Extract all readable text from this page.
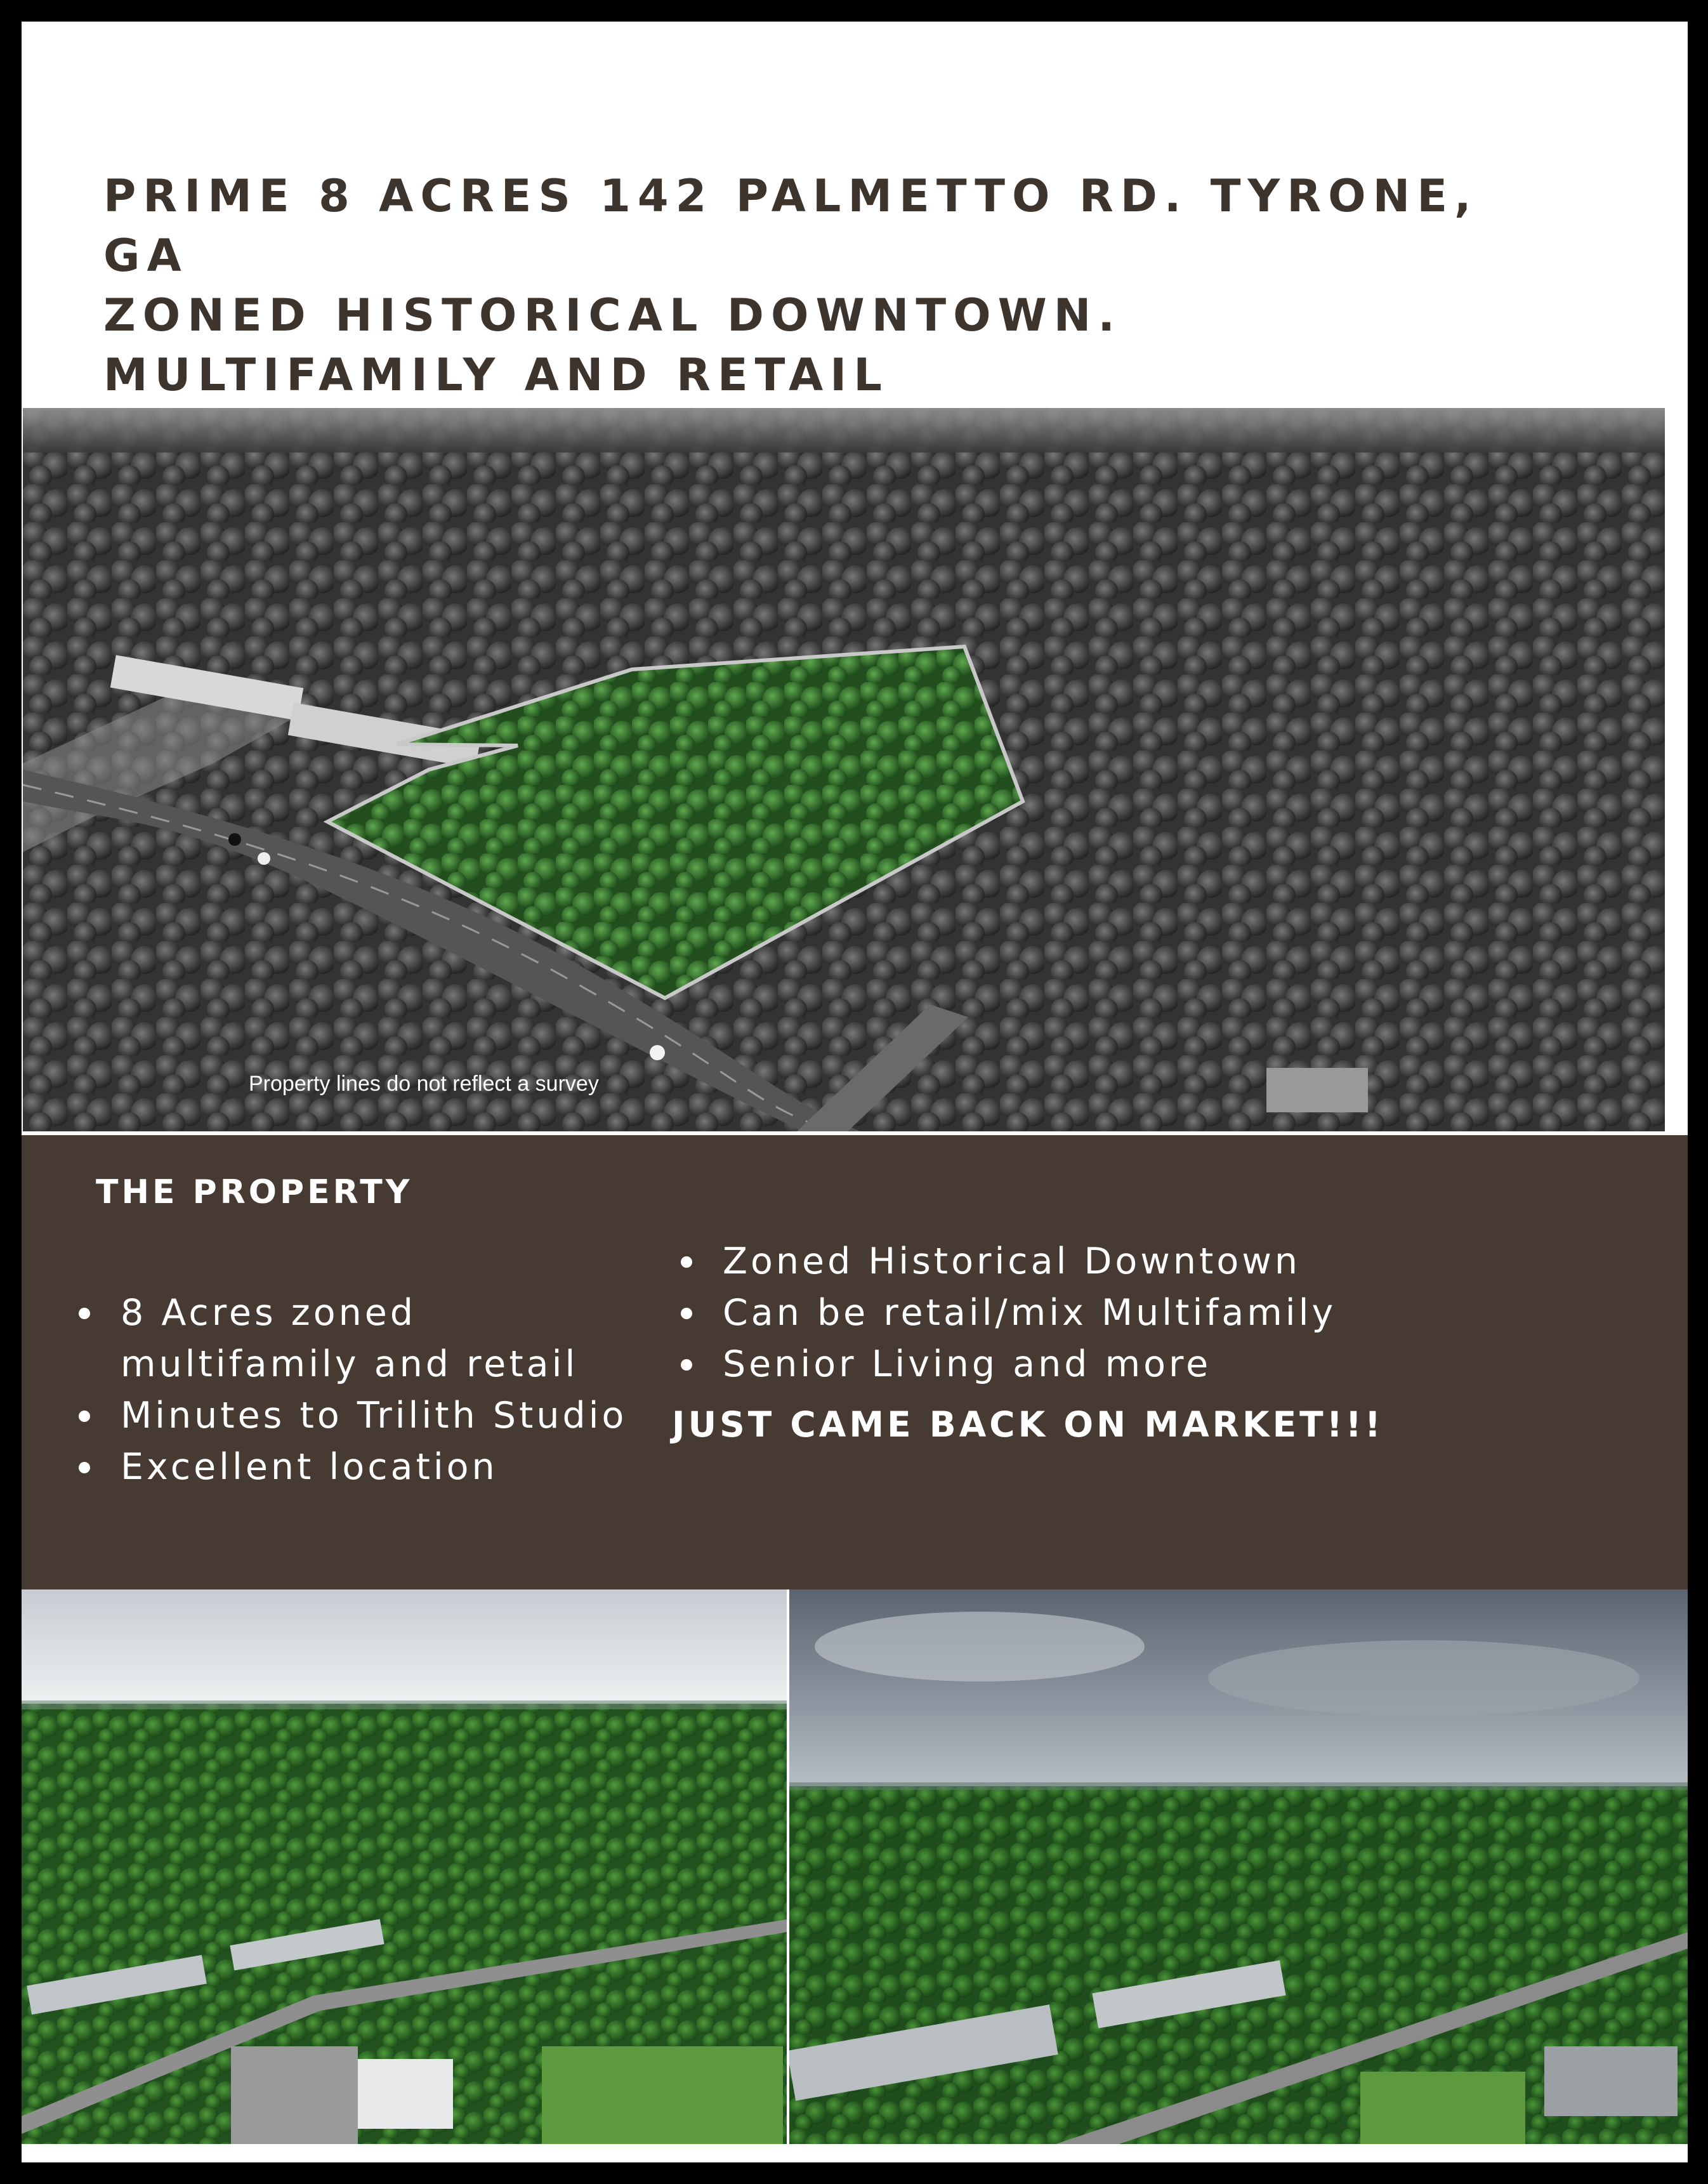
PRIME 8 ACRES 142 PALMETTO RD. TYRONE,
GA
ZONED HISTORICAL DOWNTOWN.
MULTIFAMILY AND RETAIL
Property lines do not reflect a survey
THE PROPERTY
8 Acres zoned multifamily and retail
Minutes to Trilith Studio
Excellent location
Zoned Historical Downtown
Can be retail/mix Multifamily
Senior Living and more

JUST CAME BACK ON MARKET!!!
